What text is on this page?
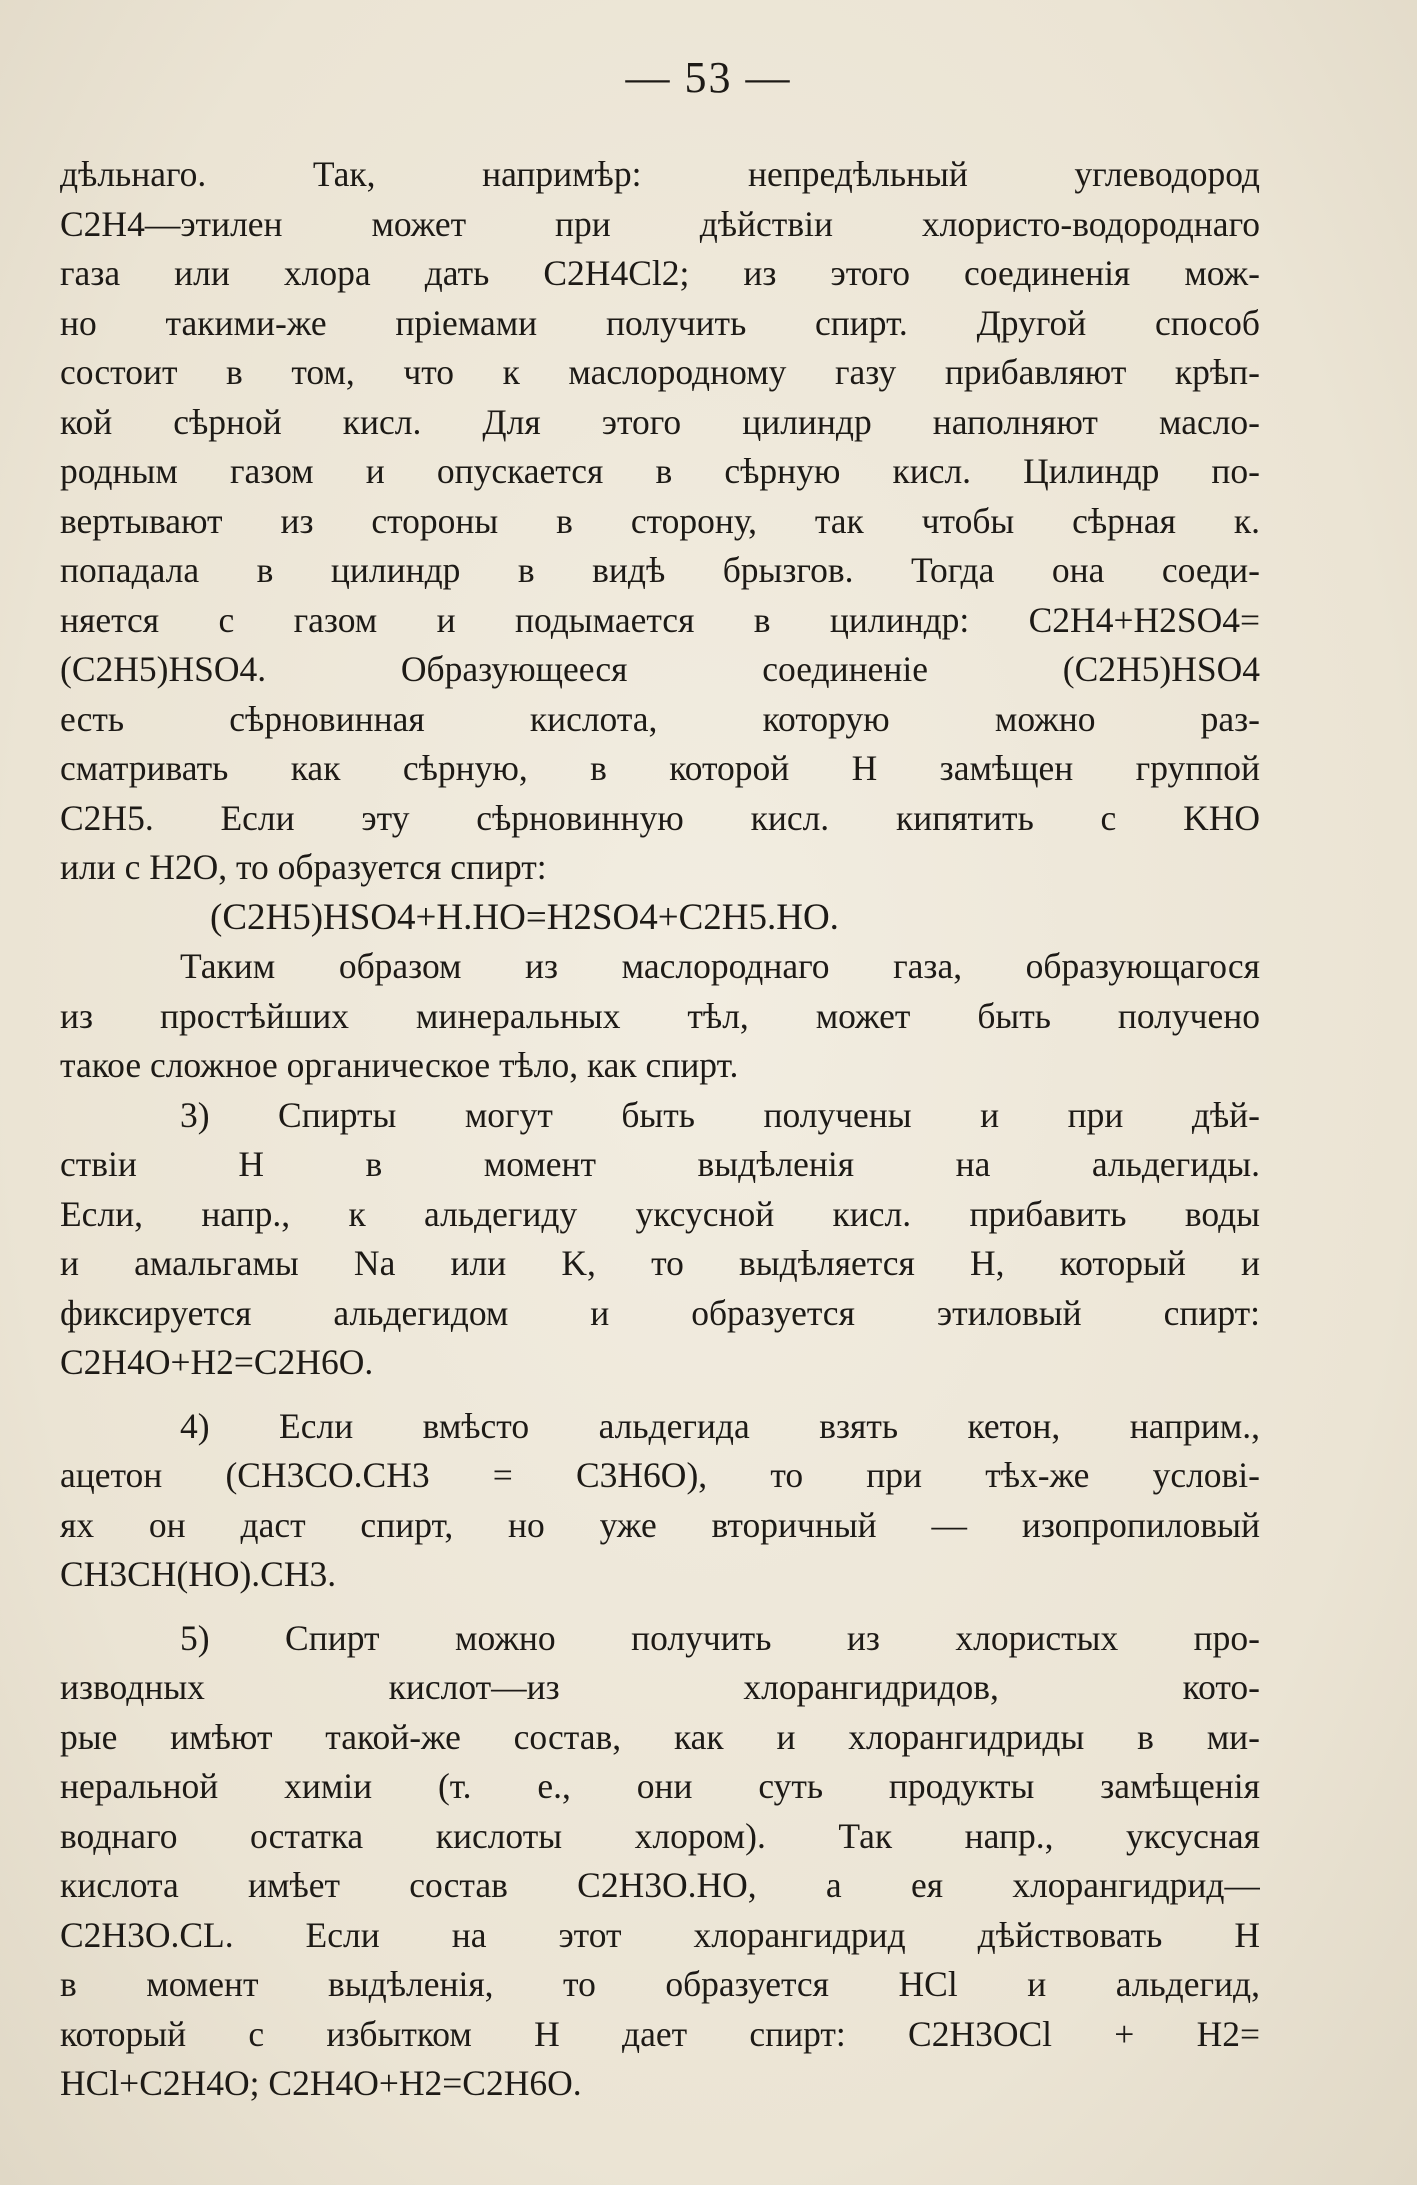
— 53 —
дѣльнаго. Так, напримѣр: непредѣльный углеводород
C2H4—этилен может при дѣйствіи хлористо-водороднаго
газа или хлора дать C2H4Cl2; из этого соединенія мож-
но такими-же пріемами получить спирт. Другой способ
состоит в том, что к маслородному газу прибавляют крѣп-
кой сѣрной кисл. Для этого цилиндр наполняют масло-
родным газом и опускается в сѣрную кисл. Цилиндр по-
вертывают из стороны в сторону, так чтобы сѣрная к.
попадала в цилиндр в видѣ брызгов. Тогда она соеди-
няется с газом и подымается в цилиндр: C2H4+H2SO4=
(C2H5)HSO4. Образующееся соединеніе (C2H5)HSO4
есть сѣрновинная кислота, которую можно раз-
сматривать как сѣрную, в которой H замѣщен группой
C2H5. Если эту сѣрновинную кисл. кипятить с KHO
или с H2O, то образуется спирт:
(C2H5)HSO4+H.HO=H2SO4+C2H5.HO.
Таким образом из маслороднаго газа, образующагося
из простѣйших минеральных тѣл, может быть получено
такое сложное органическое тѣло, как спирт.
3) Спирты могут быть получены и при дѣй-
ствіи H в момент выдѣленія на альдегиды.
Если, напр., к альдегиду уксусной кисл. прибавить воды
и амальгамы Na или K, то выдѣляется H, который и
фиксируется альдегидом и образуется этиловый спирт:
C2H4O+H2=C2H6O.
4) Если вмѣсто альдегида взять кетон, наприм.,
ацетон (CH3CO.CH3 = C3H6O), то при тѣх-же услові-
ях он даст спирт, но уже вторичный — изопропиловый
CH3CH(HO).CH3.
5) Спирт можно получить из хлористых про-
изводных кислот—из хлорангидридов, кото-
рые имѣют такой-же состав, как и хлорангидриды в ми-
неральной химіи (т. е., они суть продукты замѣщенія
воднаго остатка кислоты хлором). Так напр., уксусная
кислота имѣет состав C2H3O.HO, а ея хлорангидрид—
C2H3O.CL. Если на этот хлорангидрид дѣйствовать H
в момент выдѣленія, то образуется HCl и альдегид,
который с избытком H дает спирт: C2H3OCl + H2=
HCl+C2H4O; C2H4O+H2=C2H6O.
